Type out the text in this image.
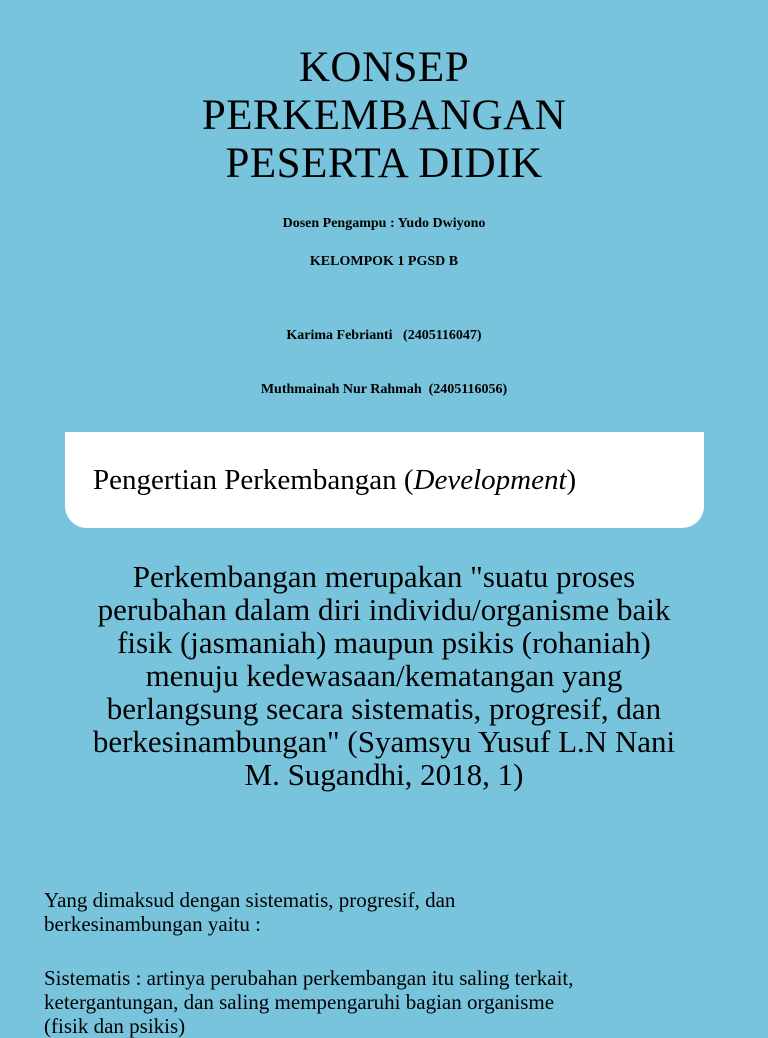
KONSEP
PERKEMBANGAN
PESERTA DIDIK
Dosen Pengampu : Yudo Dwiyono
KELOMPOK 1 PGSD B

Karima Febrianti   (2405116047)

Muthmainah Nur Rahmah  (2405116056)

Pengertian Perkembangan (Development)
Perkembangan merupakan "suatu proses
perubahan dalam diri individu/organisme baik
fisik (jasmaniah) maupun psikis (rohaniah)
menuju kedewasaan/kematangan yang
berlangsung secara sistematis, progresif, dan
berkesinambungan" (Syamsyu Yusuf L.N Nani
M. Sugandhi, 2018, 1)
Yang dimaksud dengan sistematis, progresif, dan
berkesinambungan yaitu :
Sistematis : artinya perubahan perkembangan itu saling terkait,
ketergantungan, dan saling mempengaruhi bagian organisme
(fisik dan psikis)
